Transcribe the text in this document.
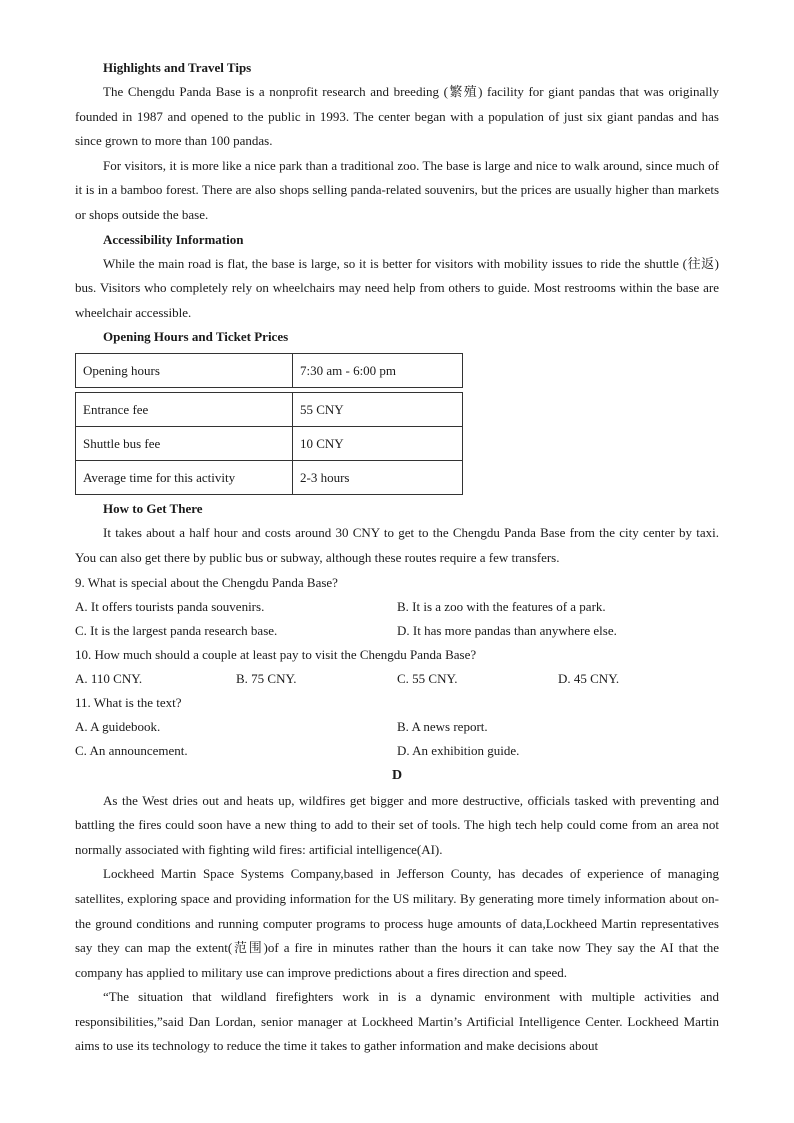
Highlights and Travel Tips

The Chengdu Panda Base is a nonprofit research and breeding (繁殖) facility for giant pandas that was originally founded in 1987 and opened to the public in 1993. The center began with a population of just six giant pandas and has since grown to more than 100 pandas.

For visitors, it is more like a nice park than a traditional zoo. The base is large and nice to walk around, since much of it is in a bamboo forest. There are also shops selling panda-related souvenirs, but the prices are usually higher than markets or shops outside the base.

Accessibility Information

While the main road is flat, the base is large, so it is better for visitors with mobility issues to ride the shuttle (往返) bus. Visitors who completely rely on wheelchairs may need help from others to guide. Most restrooms within the base are wheelchair accessible.

Opening Hours and Ticket Prices
Opening hours	7:30 am - 6:00 pm
Entrance fee	55 CNY
Shuttle bus fee	10 CNY
Average time for this activity	2-3 hours
How to Get There

It takes about a half hour and costs around 30 CNY to get to the Chengdu Panda Base from the city center by taxi. You can also get there by public bus or subway, although these routes require a few transfers.

9. What is special about the Chengdu Panda Base?
A. It offers tourists panda souvenirs.	B. It is a zoo with the features of a park.
C. It is the largest panda research base.	D. It has more pandas than anywhere else.
10. How much should a couple at least pay to visit the Chengdu Panda Base?
A. 110 CNY.	B. 75 CNY.	C. 55 CNY.	D. 45 CNY.
11. What is the text?
A. A guidebook.	B. A news report.
C. An announcement.	D. An exhibition guide.
D

As the West dries out and heats up, wildfires get bigger and more destructive, officials tasked with preventing and battling the fires could soon have a new thing to add to their set of tools. The high tech help could come from an area not normally associated with fighting wild fires: artificial intelligence(AI).

Lockheed Martin Space Systems Company,based in Jefferson County, has decades of experience of managing satellites, exploring space and providing information for the US military. By generating more timely information about on-the ground conditions and running computer programs to process huge amounts of data,Lockheed Martin representatives say they can map the extent(范围)of a fire in minutes rather than the hours it can take now They say the AI that the company has applied to military use can improve predictions about a fires direction and speed.

“The situation that wildland firefighters work in is a dynamic environment with multiple activities and responsibilities,”said Dan Lordan, senior manager at Lockheed Martin’s Artificial Intelligence Center. Lockheed Martin aims to use its technology to reduce the time it takes to gather information and make decisions about
